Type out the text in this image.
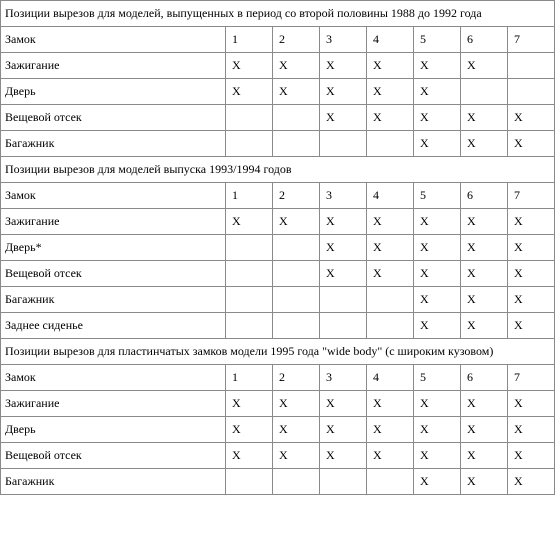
Позиции вырезов для моделей, выпущенных в период со второй половины 1988 до 1992 года							
Замок	1	2	3	4	5	6	7
Зажигание	X	X	X	X	X	X	
Дверь	X	X	X	X	X		
Вещевой отсек			X	X	X	X	X
Багажник					X	X	X
Позиции вырезов для моделей выпуска 1993/1994 годов							
Замок	1	2	3	4	5	6	7
Зажигание	X	X	X	X	X	X	X
Дверь*			X	X	X	X	X
Вещевой отсек			X	X	X	X	X
Багажник					X	X	X
Заднее сиденье					X	X	X
Позиции вырезов для пластинчатых замков модели 1995 года "wide body" (с широким кузовом)							
Замок	1	2	3	4	5	6	7
Зажигание	X	X	X	X	X	X	X
Дверь	X	X	X	X	X	X	X
Вещевой отсек	X	X	X	X	X	X	X
Багажник					X	X	X
